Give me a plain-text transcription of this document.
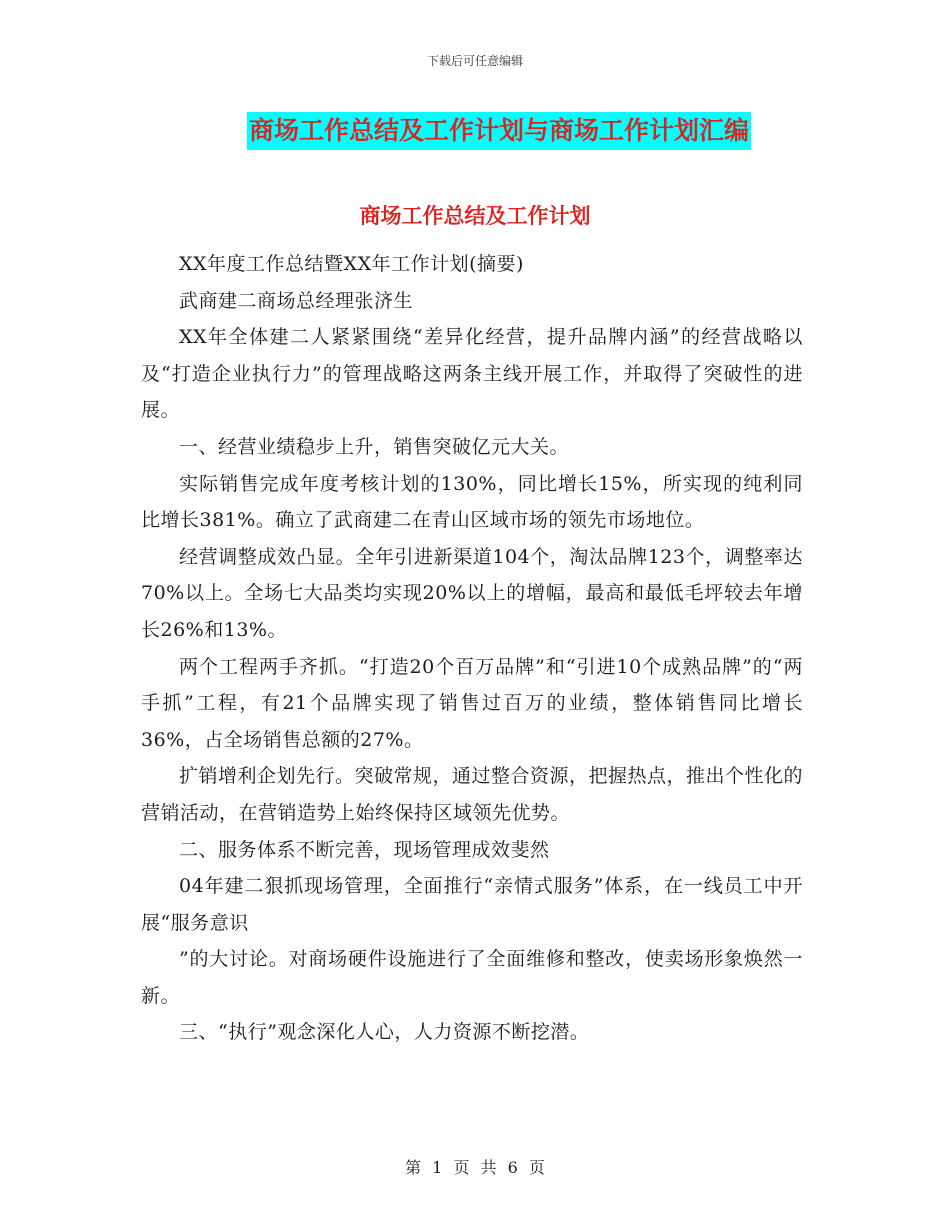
下载后可任意编辑
商场工作总结及工作计划与商场工作计划汇编
商场工作总结及工作计划

XX年度工作总结暨XX年工作计划(摘要)

武商建二商场总经理张济生

XX年全体建二人紧紧围绕“差异化经营，提升品牌内涵”的经营战略以及“打造企业执行力”的管理战略这两条主线开展工作，并取得了突破性的进展。

一、经营业绩稳步上升，销售突破亿元大关。

实际销售完成年度考核计划的130%，同比增长15%，所实现的纯利同比增长381%。确立了武商建二在青山区域市场的领先市场地位。

经营调整成效凸显。全年引进新渠道104个，淘汰品牌123个，调整率达70%以上。全场七大品类均实现20%以上的增幅，最高和最低毛坪较去年增长26%和13%。

两个工程两手齐抓。“打造20个百万品牌”和“引进10个成熟品牌”的“两手抓”工程，有21个品牌实现了销售过百万的业绩，整体销售同比增长36%，占全场销售总额的27%。

扩销增利企划先行。突破常规，通过整合资源，把握热点，推出个性化的营销活动，在营销造势上始终保持区域领先优势。

二、服务体系不断完善，现场管理成效斐然

04年建二狠抓现场管理，全面推行“亲情式服务”体系，在一线员工中开展“服务意识

”的大讨论。对商场硬件设施进行了全面维修和整改，使卖场形象焕然一新。

三、“执行”观念深化人心，人力资源不断挖潜。

第 1 页 共 6 页
